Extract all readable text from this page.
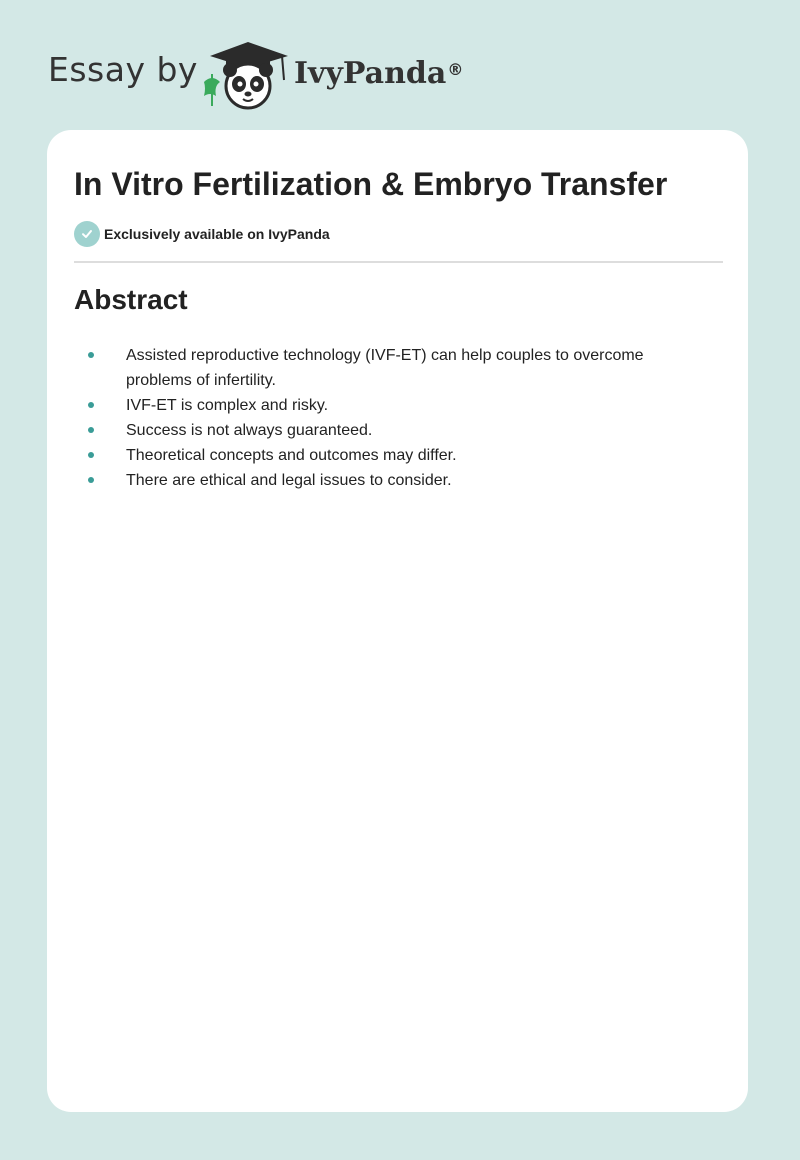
Essay by	IvyPanda®
In Vitro Fertilization & Embryo Transfer
Exclusively available on IvyPanda
Abstract
Assisted reproductive technology (IVF-ET) can help couples to overcome problems of infertility.
IVF-ET is complex and risky.
Success is not always guaranteed.
Theoretical concepts and outcomes may differ.
There are ethical and legal issues to consider.
